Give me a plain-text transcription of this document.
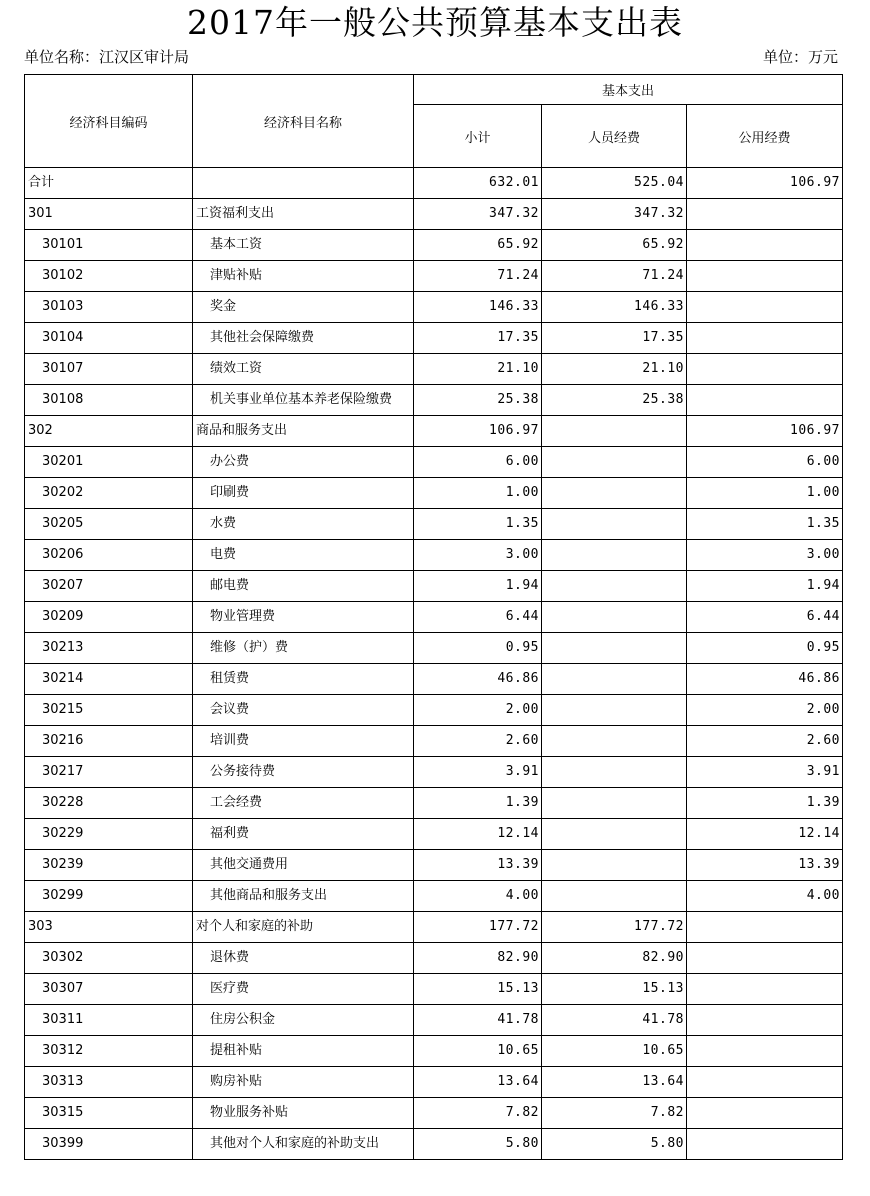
2017年一般公共预算基本支出表
单位名称：江汉区审计局	单位：万元
经济科目编码	经济科目名称	基本支出		
		小计	人员经费	公用经费
合计		632.01	525.04	106.97
301	工资福利支出	347.32	347.32	
30101	基本工资	65.92	65.92	
30102	津贴补贴	71.24	71.24	
30103	奖金	146.33	146.33	
30104	其他社会保障缴费	17.35	17.35	
30107	绩效工资	21.10	21.10	
30108	机关事业单位基本养老保险缴费	25.38	25.38	
302	商品和服务支出	106.97		106.97
30201	办公费	6.00		6.00
30202	印刷费	1.00		1.00
30205	水费	1.35		1.35
30206	电费	3.00		3.00
30207	邮电费	1.94		1.94
30209	物业管理费	6.44		6.44
30213	维修（护）费	0.95		0.95
30214	租赁费	46.86		46.86
30215	会议费	2.00		2.00
30216	培训费	2.60		2.60
30217	公务接待费	3.91		3.91
30228	工会经费	1.39		1.39
30229	福利费	12.14		12.14
30239	其他交通费用	13.39		13.39
30299	其他商品和服务支出	4.00		4.00
303	对个人和家庭的补助	177.72	177.72	
30302	退休费	82.90	82.90	
30307	医疗费	15.13	15.13	
30311	住房公积金	41.78	41.78	
30312	提租补贴	10.65	10.65	
30313	购房补贴	13.64	13.64	
30315	物业服务补贴	7.82	7.82	
30399	其他对个人和家庭的补助支出	5.80	5.80	
